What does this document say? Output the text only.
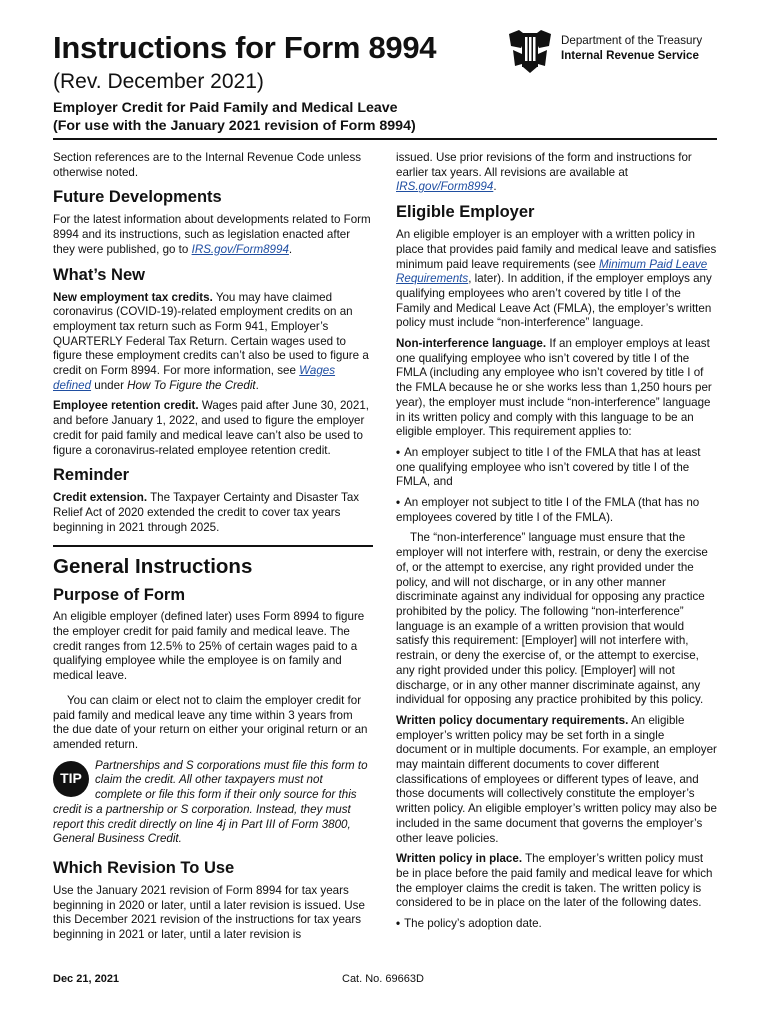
Instructions for Form 8994
(Rev. December 2021)
Employer Credit for Paid Family and Medical Leave
(For use with the January 2021 revision of Form 8994)
Department of the Treasury
Internal Revenue Service

Section references are to the Internal Revenue Code unless otherwise noted.

Future Developments

For the latest information about developments related to Form 8994 and its instructions, such as legislation enacted after they were published, go to IRS.gov/Form8994.

What’s New

New employment tax credits. You may have claimed coronavirus (COVID-19)-related employment credits on an employment tax return such as Form 941, Employer’s QUARTERLY Federal Tax Return. Certain wages used to figure these employment credits can’t also be used to figure a credit on Form 8994. For more information, see Wages defined under How To Figure the Credit.

Employee retention credit. Wages paid after June 30, 2021, and before January 1, 2022, and used to figure the employer credit for paid family and medical leave can’t also be used to figure a coronavirus-related employee retention credit.

Reminder

Credit extension. The Taxpayer Certainty and Disaster Tax Relief Act of 2020 extended the credit to cover tax years beginning in 2021 through 2025.

General Instructions
Purpose of Form

An eligible employer (defined later) uses Form 8994 to figure the employer credit for paid family and medical leave. The credit ranges from 12.5% to 25% of certain wages paid to a qualifying employee while the employee is on family and medical leave.

You can claim or elect not to claim the employer credit for paid family and medical leave any time within 3 years from the due date of your return on either your original return or an amended return.

TIP
Partnerships and S corporations must file this form to claim the credit. All other taxpayers must not complete or file this form if their only source for this credit is a partnership or S corporation. Instead, they must report this credit directly on line 4j in Part III of Form 3800, General Business Credit.
Which Revision To Use

Use the January 2021 revision of Form 8994 for tax years beginning in 2020 or later, until a later revision is issued. Use this December 2021 revision of the instructions for tax years beginning in 2021 or later, until a later revision is

issued. Use prior revisions of the form and instructions for earlier tax years. All revisions are available at IRS.gov/Form8994.

Eligible Employer

An eligible employer is an employer with a written policy in place that provides paid family and medical leave and satisfies minimum paid leave requirements (see Minimum Paid Leave Requirements, later). In addition, if the employer employs any qualifying employees who aren’t covered by title I of the Family and Medical Leave Act (FMLA), the employer’s written policy must include “non-interference” language.

Non-interference language. If an employer employs at least one qualifying employee who isn’t covered by title I of the FMLA (including any employee who isn’t covered by title I of the FMLA because he or she works less than 1,250 hours per year), the employer must include “non-interference” language in its written policy and comply with this language to be an eligible employer. This requirement applies to:

• An employer subject to title I of the FMLA that has at least one qualifying employee who isn’t covered by title I of the FMLA, and

• An employer not subject to title I of the FMLA (that has no employees covered by title I of the FMLA).

The “non-interference” language must ensure that the employer will not interfere with, restrain, or deny the exercise of, or the attempt to exercise, any right provided under the policy, and will not discharge, or in any other manner discriminate against any individual for opposing any practice prohibited by the policy. The following “non-interference” language is an example of a written provision that would satisfy this requirement: [Employer] will not interfere with, restrain, or deny the exercise of, or the attempt to exercise, any right provided under this policy. [Employer] will not discharge, or in any other manner discriminate against, any individual for opposing any practice prohibited by this policy.

Written policy documentary requirements. An eligible employer’s written policy may be set forth in a single document or in multiple documents. For example, an employer may maintain different documents to cover different classifications of employees or different types of leave, and those documents will collectively constitute the employer’s written policy. An eligible employer’s written policy may also be included in the same document that governs the employer’s other leave policies.

Written policy in place. The employer’s written policy must be in place before the paid family and medical leave for which the employer claims the credit is taken. The written policy is considered to be in place on the later of the following dates.

• The policy’s adoption date.

Dec 21, 2021	Cat. No. 69663D
